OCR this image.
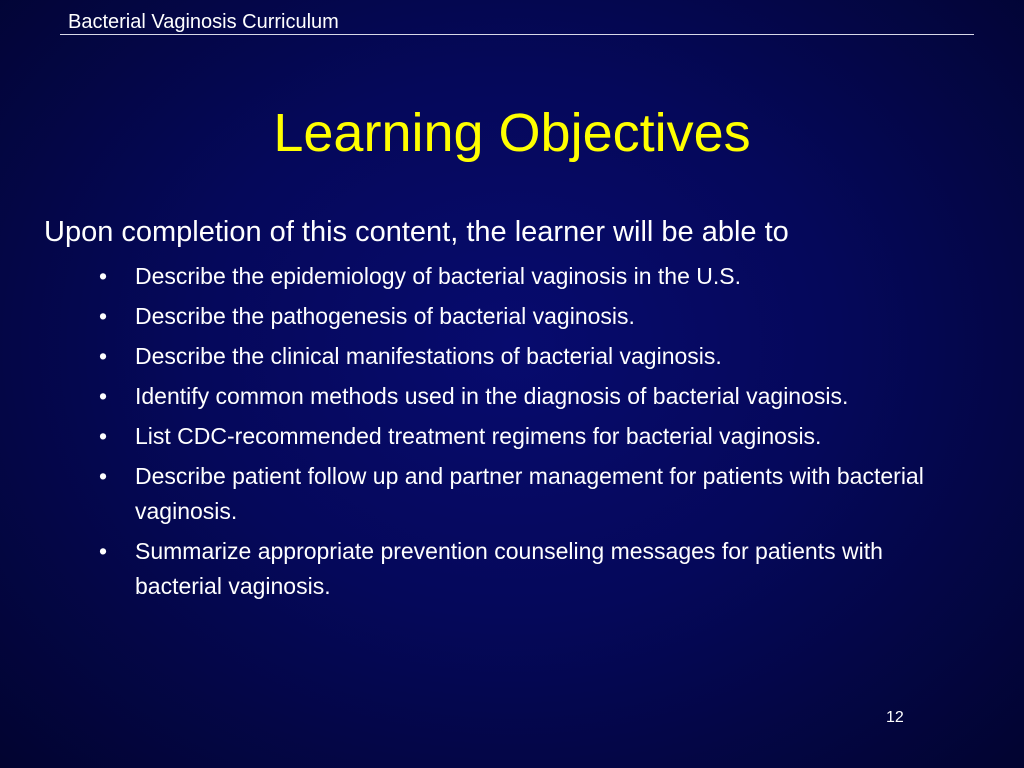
Bacterial Vaginosis Curriculum
Learning Objectives
Upon completion of this content, the learner will be able to
• Describe the epidemiology of bacterial vaginosis in the U.S.
• Describe the pathogenesis of bacterial vaginosis.
• Describe the clinical manifestations of bacterial vaginosis.
• Identify common methods used in the diagnosis of bacterial vaginosis.
• List CDC-recommended treatment regimens for bacterial vaginosis.
• Describe patient follow up and partner management for patients with bacterial vaginosis.
• Summarize appropriate prevention counseling messages for patients with bacterial vaginosis.
12
